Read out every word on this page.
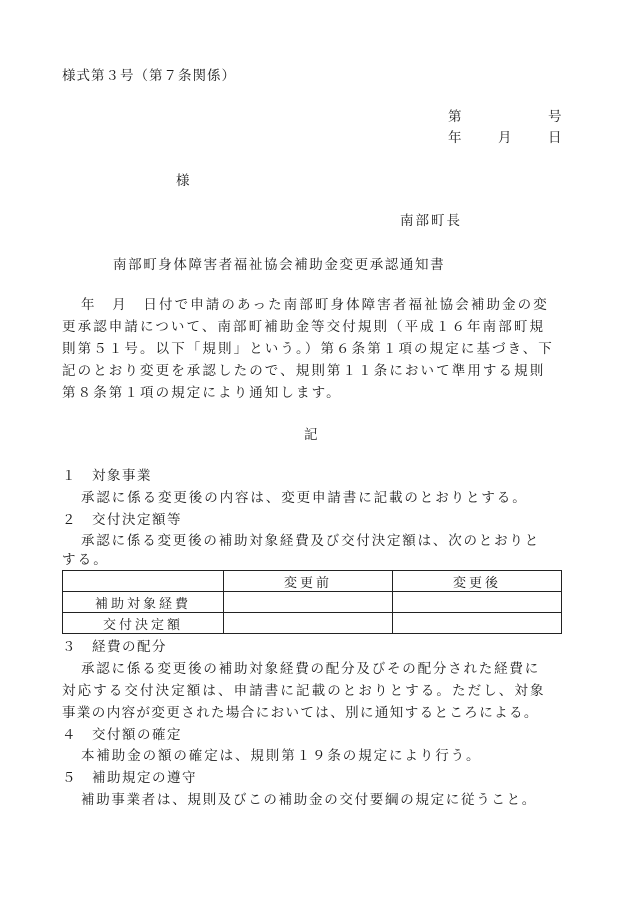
様式第３号（第７条関係）
第	号
年	月	日
様
南部町長
南部町身体障害者福祉協会補助金変更承認通知書
年　月　日付で申請のあった南部町身体障害者福祉協会補助金の変
更承認申請について、南部町補助金等交付規則（平成１６年南部町規
則第５１号。以下「規則」という。）第６条第１項の規定に基づき、下
記のとおり変更を承認したので、規則第１１条において準用する規則
第８条第１項の規定により通知します。
記
１　対象事業
承認に係る変更後の内容は、変更申請書に記載のとおりとする。
２　交付決定額等
承認に係る変更後の補助対象経費及び交付決定額は、次のとおりと
する。
	変更前	変更後
補助対象経費		
交付決定額		
３　経費の配分
承認に係る変更後の補助対象経費の配分及びその配分された経費に
対応する交付決定額は、申請書に記載のとおりとする。ただし、対象
事業の内容が変更された場合においては、別に通知するところによる。
４　交付額の確定
本補助金の額の確定は、規則第１９条の規定により行う。
５　補助規定の遵守
補助事業者は、規則及びこの補助金の交付要綱の規定に従うこと。
